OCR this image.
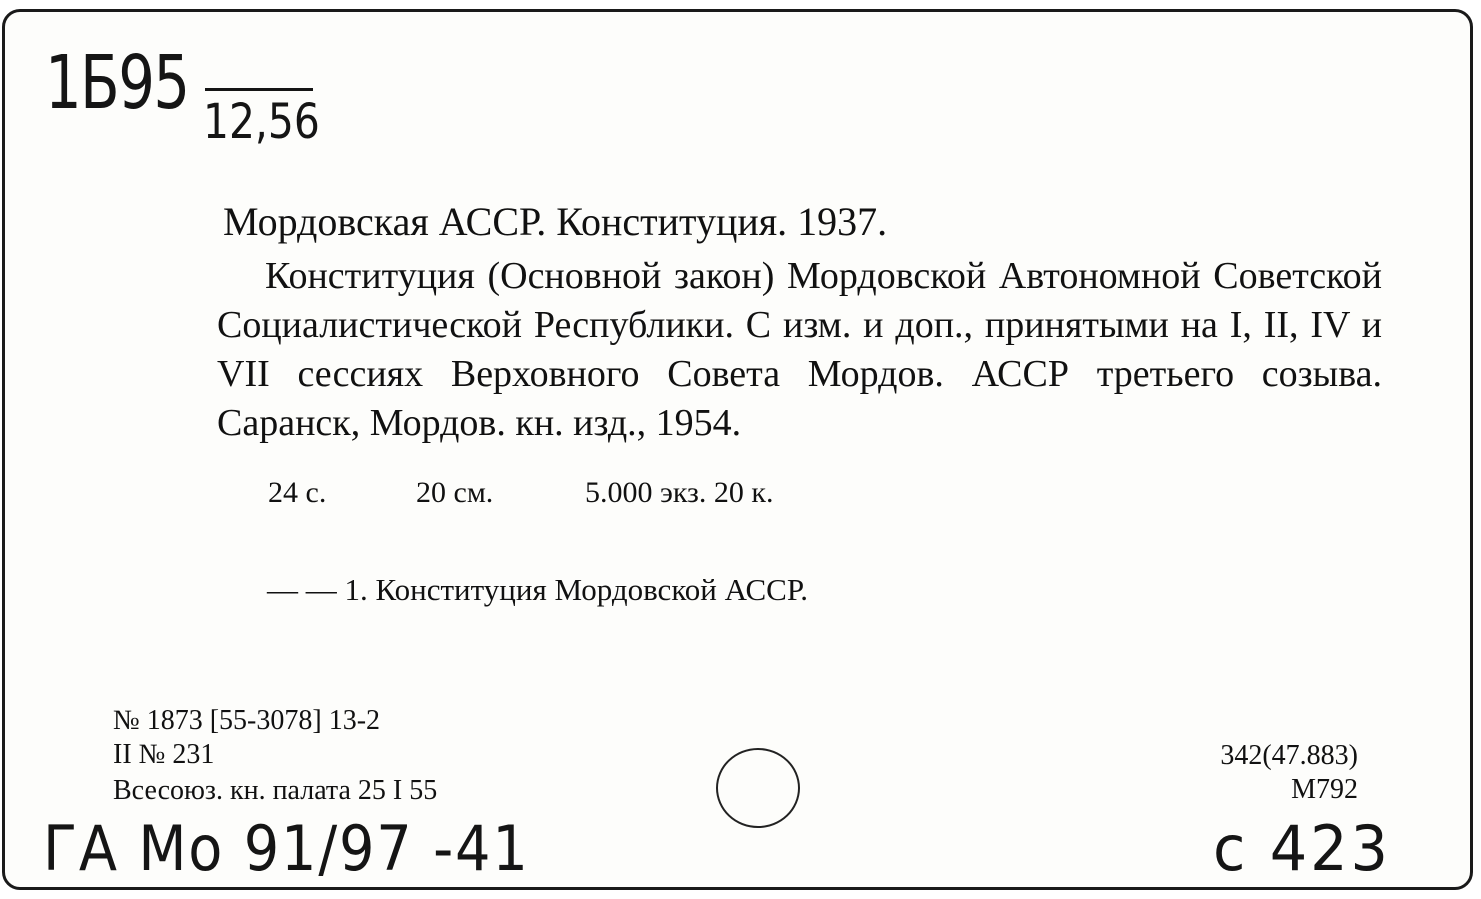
1Б95 12,56
Мордовская АССР. Конституция. 1937.

Конституция (Основной закон) Мордовской Автономной Советской Социалистической Республики. С изм. и доп., принятыми на I, II, IV и VII сессиях Верховного Совета Мордов. АССР третьего созыва. Саранск, Мордов. кн. изд., 1954.

24 с.	20 см.	5.000 экз. 20 к.
— — 1. Конституция Мордовской АССР.
№ 1873 [55-3078] 13-2
II № 231
Всесоюз. кн. палата 25 I 55
342(47.883)
М792
ГА Мо 91/97 -41	с 423
